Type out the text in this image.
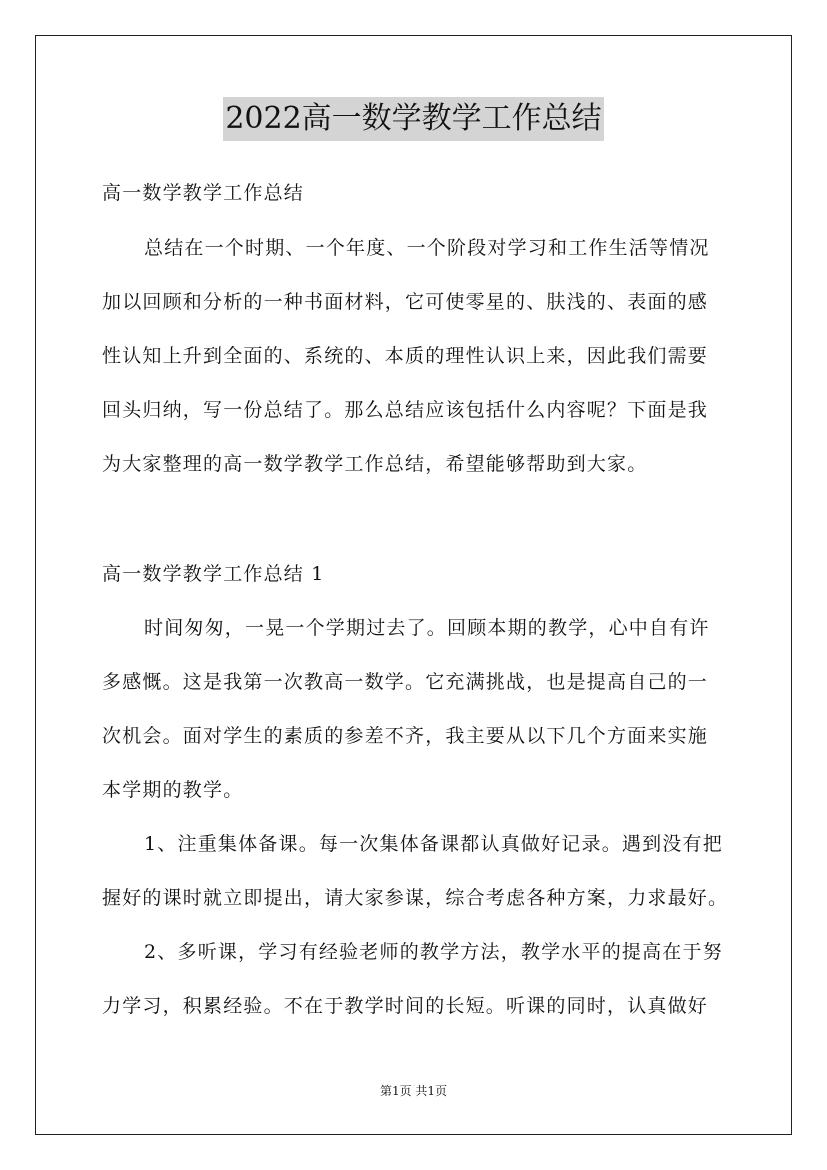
2022高一数学教学工作总结
高一数学教学工作总结
总结在一个时期、一个年度、一个阶段对学习和工作生活等情况
加以回顾和分析的一种书面材料，它可使零星的、肤浅的、表面的感
性认知上升到全面的、系统的、本质的理性认识上来，因此我们需要
回头归纳，写一份总结了。那么总结应该包括什么内容呢？下面是我
为大家整理的高一数学教学工作总结，希望能够帮助到大家。
高一数学教学工作总结 1
时间匆匆，一晃一个学期过去了。回顾本期的教学，心中自有许
多感慨。这是我第一次教高一数学。它充满挑战，也是提高自己的一
次机会。面对学生的素质的参差不齐，我主要从以下几个方面来实施
本学期的教学。
1、注重集体备课。每一次集体备课都认真做好记录。遇到没有把
握好的课时就立即提出，请大家参谋，综合考虑各种方案，力求最好。
2、多听课，学习有经验老师的教学方法，教学水平的提高在于努
力学习，积累经验。不在于教学时间的长短。听课的同时，认真做好
第1页 共1页
